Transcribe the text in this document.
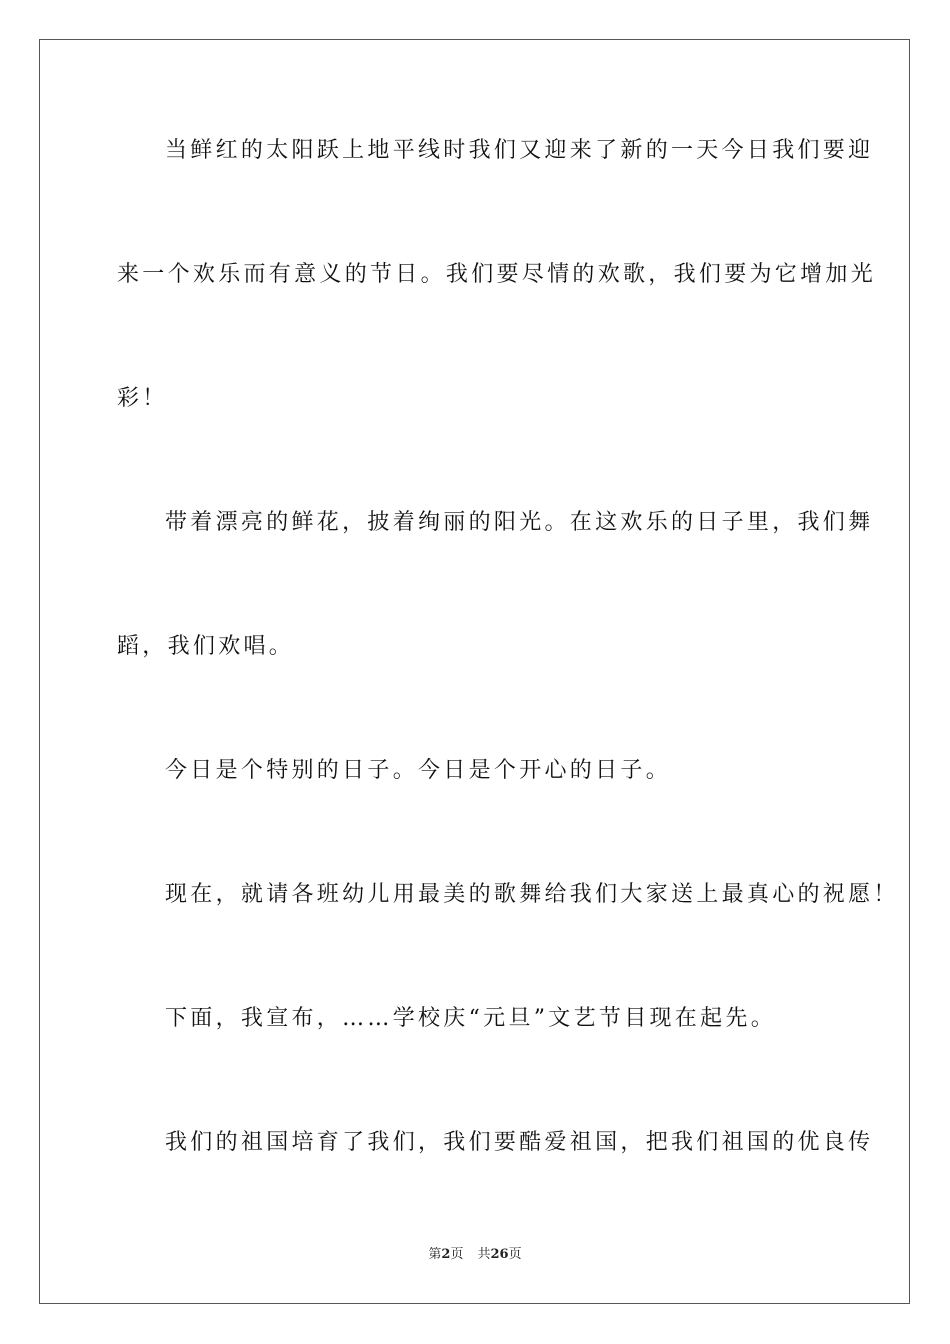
当鲜红的太阳跃上地平线时我们又迎来了新的一天今日我们要迎
来一个欢乐而有意义的节日。我们要尽情的欢歌，我们要为它增加光
彩！
带着漂亮的鲜花，披着绚丽的阳光。在这欢乐的日子里，我们舞
蹈，我们欢唱。
今日是个特别的日子。今日是个开心的日子。
现在，就请各班幼儿用最美的歌舞给我们大家送上最真心的祝愿！
下面，我宣布，……学校庆“元旦”文艺节目现在起先。
我们的祖国培育了我们，我们要酷爱祖国，把我们祖国的优良传
第2页 共26页
